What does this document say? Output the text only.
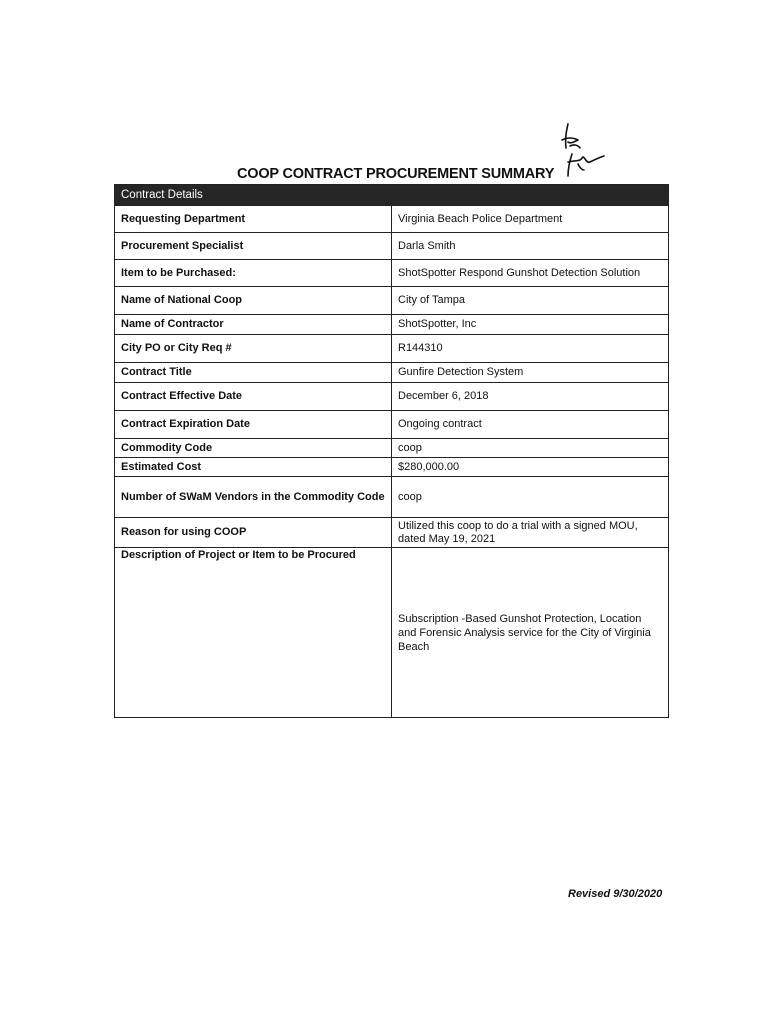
COOP CONTRACT PROCUREMENT SUMMARY
Contract Details	
Requesting Department	Virginia Beach Police Department
Procurement Specialist	Darla Smith
Item to be Purchased:	ShotSpotter Respond Gunshot Detection Solution
Name of National Coop	City of Tampa
Name of Contractor	ShotSpotter, Inc
City PO or City Req #	R144310
Contract Title	Gunfire Detection System
Contract Effective Date	December 6, 2018
Contract Expiration Date	Ongoing contract
Commodity Code	coop
Estimated Cost	$280,000.00
Number of SWaM Vendors in the Commodity Code	coop
Reason for using COOP	Utilized this coop to do a trial with a signed MOU, dated May 19, 2021
Description of Project or Item to be Procured	Subscription -Based Gunshot Protection, Location and Forensic Analysis service for the City of Virginia Beach
Revised 9/30/2020
